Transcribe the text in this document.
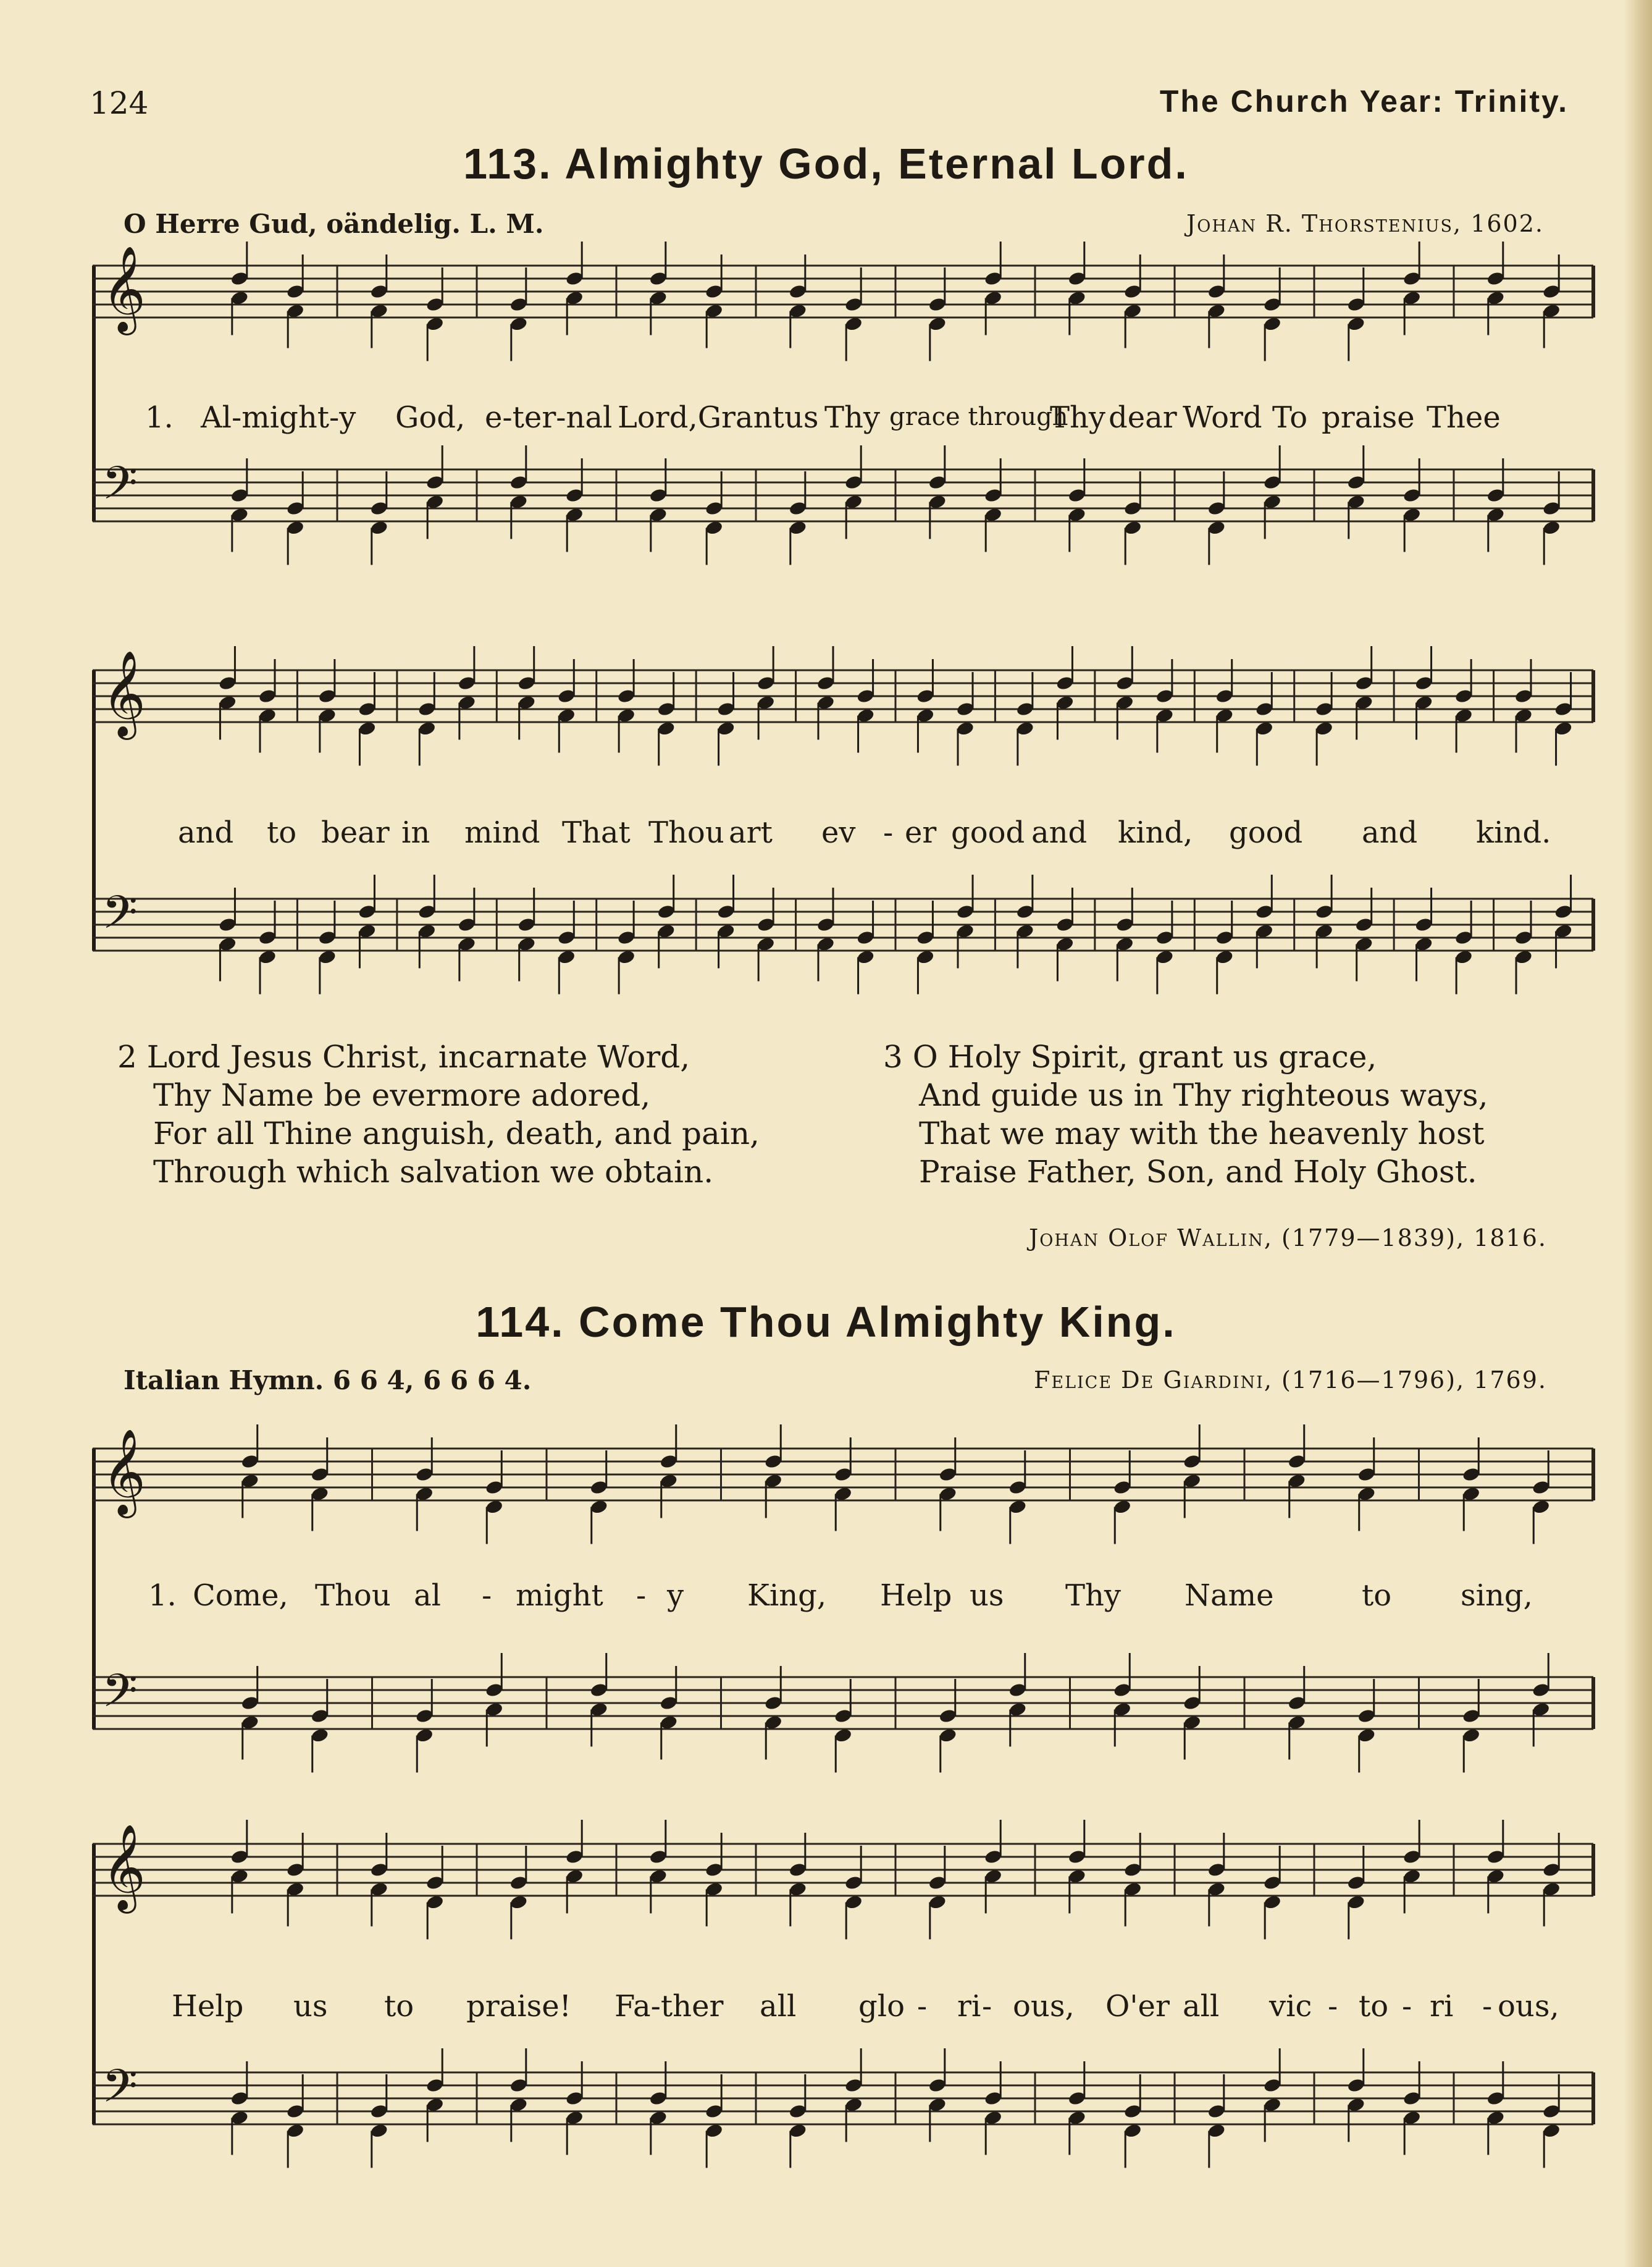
124	The Church Year: Trinity.
113. Almighty God, Eternal Lord.
O Herre Gud, oändelig. L. M.	Johan R. Thorstenius, 1602.
𝄞
𝄢
1. Al-might-y God, e-ter-nal Lord,Grant us Thy grace through
Thy dear Word To praise Thee
𝄞
𝄢
and to bear in mind That Thou art ev - er good and kind, good and kind.
2 Lord Jesus Christ, incarnate Word,
Thy Name be evermore adored,
For all Thine anguish, death, and pain,
Through which salvation we obtain.
3 O Holy Spirit, grant us grace,
And guide us in Thy righteous ways,
That we may with the heavenly host
Praise Father, Son, and Holy Ghost.
Johan Olof Wallin, (1779—1839), 1816.
114. Come Thou Almighty King.
Italian Hymn. 6 6 4, 6 6 6 4.	Felice De Giardini, (1716—1796), 1769.
𝄞
𝄢
1. Come, Thou al - might - y King, Help us Thy Name	to sing,
𝄞
𝄢
Help us to praise! Fa-ther all glo - ri - ous, O'er all vic - to - ri - ous,
